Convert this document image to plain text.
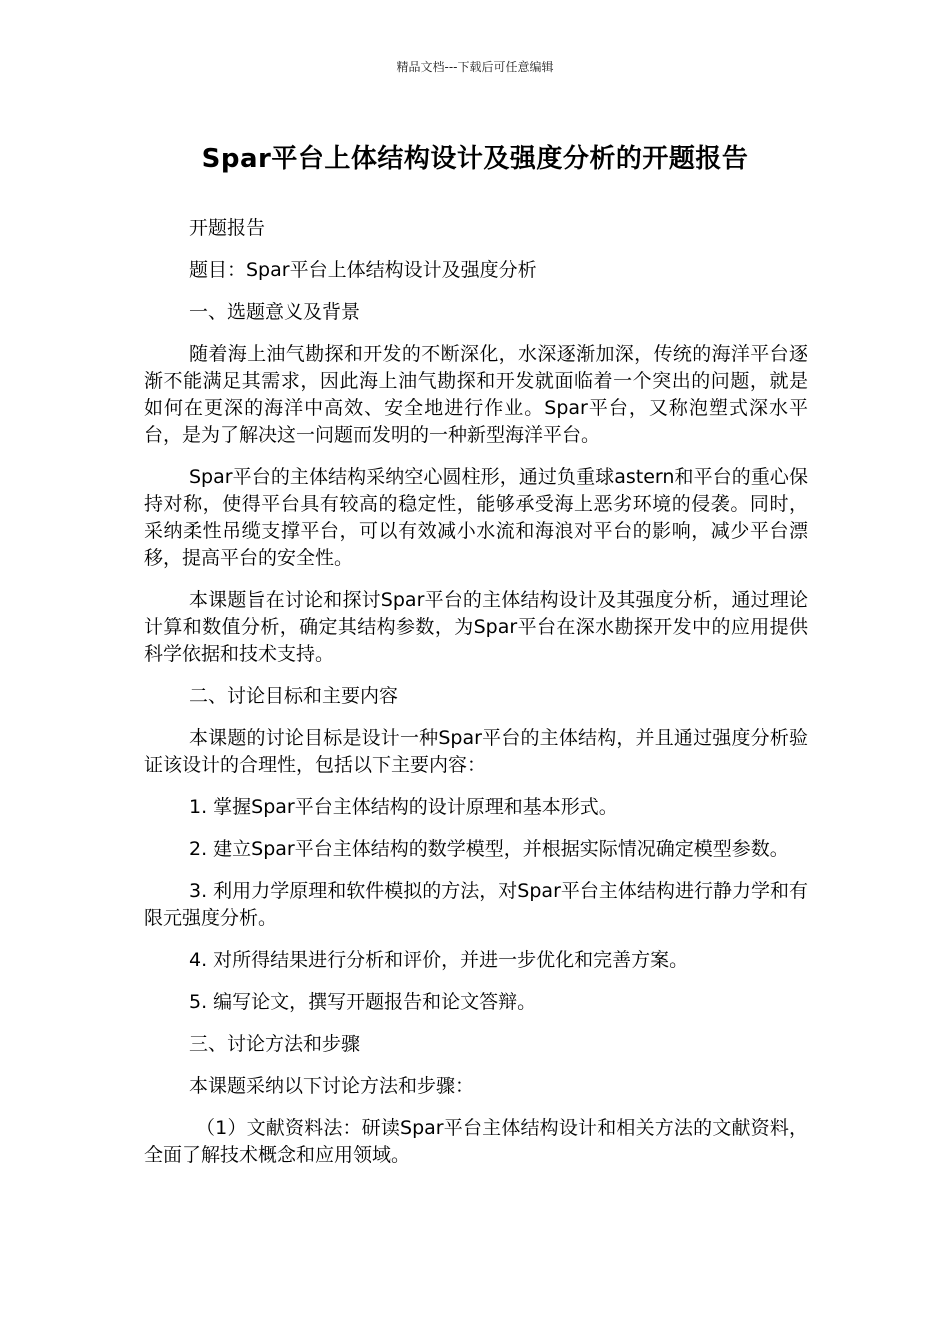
精品文档---下载后可任意编辑
Spar平台上体结构设计及强度分析的开题报告

开题报告

题目：Spar平台上体结构设计及强度分析

一、选题意义及背景

随着海上油气勘探和开发的不断深化，水深逐渐加深，传统的海洋平台逐渐不能满足其需求，因此海上油气勘探和开发就面临着一个突出的问题，就是如何在更深的海洋中高效、安全地进行作业。Spar平台，又称泡塑式深水平台，是为了解决这一问题而发明的一种新型海洋平台。

Spar平台的主体结构采纳空心圆柱形，通过负重球astern和平台的重心保持对称，使得平台具有较高的稳定性，能够承受海上恶劣环境的侵袭。同时，采纳柔性吊缆支撑平台，可以有效减小水流和海浪对平台的影响，减少平台漂移，提高平台的安全性。

本课题旨在讨论和探讨Spar平台的主体结构设计及其强度分析，通过理论计算和数值分析，确定其结构参数，为Spar平台在深水勘探开发中的应用提供科学依据和技术支持。

二、讨论目标和主要内容

本课题的讨论目标是设计一种Spar平台的主体结构，并且通过强度分析验证该设计的合理性，包括以下主要内容：

1. 掌握Spar平台主体结构的设计原理和基本形式。

2. 建立Spar平台主体结构的数学模型，并根据实际情况确定模型参数。

3. 利用力学原理和软件模拟的方法，对Spar平台主体结构进行静力学和有限元强度分析。

4. 对所得结果进行分析和评价，并进一步优化和完善方案。

5. 编写论文，撰写开题报告和论文答辩。

三、讨论方法和步骤

本课题采纳以下讨论方法和步骤：

（1）文献资料法：研读Spar平台主体结构设计和相关方法的文献资料，全面了解技术概念和应用领域。
